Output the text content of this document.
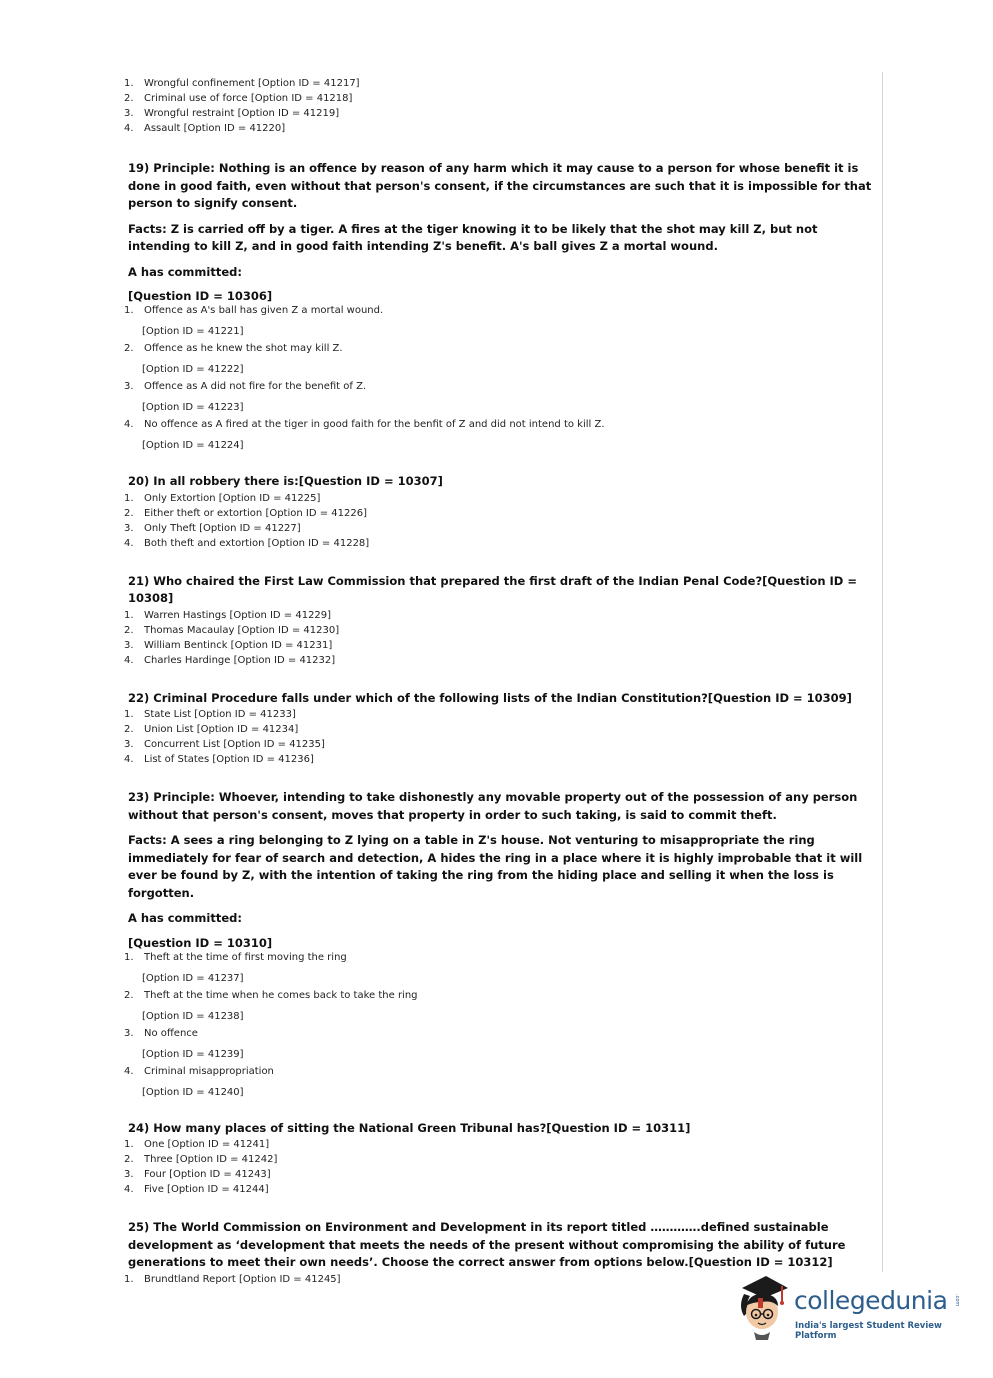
1.	Wrongful confinement [Option ID = 41217]
2.	Criminal use of force [Option ID = 41218]
3.	Wrongful restraint [Option ID = 41219]
4.	Assault [Option ID = 41220]

19) Principle: Nothing is an offence by reason of any harm which it may cause to a person for whose benefit it is done in good faith, even without that person's consent, if the circumstances are such that it is impossible for that person to signify consent.

Facts: Z is carried off by a tiger. A fires at the tiger knowing it to be likely that the shot may kill Z, but not intending to kill Z, and in good faith intending Z's benefit. A's ball gives Z a mortal wound.

A has committed:

[Question ID = 10306]

1.	Offence as A's ball has given Z a mortal wound.
[Option ID = 41221]
2.	Offence as he knew the shot may kill Z.
[Option ID = 41222]
3.	Offence as A did not fire for the benefit of Z.
[Option ID = 41223]
4.	No offence as A fired at the tiger in good faith for the benfit of Z and did not intend to kill Z.
[Option ID = 41224]

20) In all robbery there is:[Question ID = 10307]

1.	Only Extortion [Option ID = 41225]
2.	Either theft or extortion [Option ID = 41226]
3.	Only Theft [Option ID = 41227]
4.	Both theft and extortion [Option ID = 41228]

21) Who chaired the First Law Commission that prepared the first draft of the Indian Penal Code?[Question ID = 10308]

1.	Warren Hastings [Option ID = 41229]
2.	Thomas Macaulay [Option ID = 41230]
3.	William Bentinck [Option ID = 41231]
4.	Charles Hardinge [Option ID = 41232]

22) Criminal Procedure falls under which of the following lists of the Indian Constitution?[Question ID = 10309]

1.	State List [Option ID = 41233]
2.	Union List [Option ID = 41234]
3.	Concurrent List [Option ID = 41235]
4.	List of States [Option ID = 41236]

23) Principle: Whoever, intending to take dishonestly any movable property out of the possession of any person without that person's consent, moves that property in order to such taking, is said to commit theft.

Facts: A sees a ring belonging to Z lying on a table in Z's house. Not venturing to misappropriate the ring immediately for fear of search and detection, A hides the ring in a place where it is highly improbable that it will ever be found by Z, with the intention of taking the ring from the hiding place and selling it when the loss is forgotten.

A has committed:

[Question ID = 10310]

1.	Theft at the time of first moving the ring
[Option ID = 41237]
2.	Theft at the time when he comes back to take the ring
[Option ID = 41238]
3.	No offence
[Option ID = 41239]
4.	Criminal misappropriation
[Option ID = 41240]

24) How many places of sitting the National Green Tribunal has?[Question ID = 10311]

1.	One [Option ID = 41241]
2.	Three [Option ID = 41242]
3.	Four [Option ID = 41243]
4.	Five [Option ID = 41244]

25) The World Commission on Environment and Development in its report titled ………….defined sustainable development as ‘development that meets the needs of the present without compromising the ability of future generations to meet their own needs’. Choose the correct answer from options below.[Question ID = 10312]

1.	Brundtland Report [Option ID = 41245]
collegedunia .com
India's largest Student Review Platform
